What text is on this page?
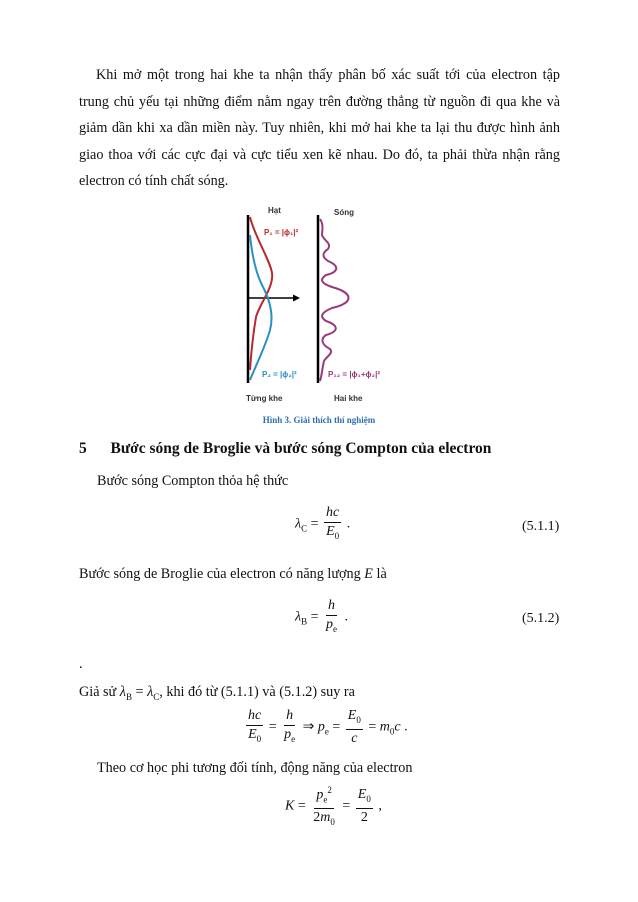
Khi mở một trong hai khe ta nhận thấy phân bố xác suất tới của electron tập trung chủ yếu tại những điểm nằm ngay trên đường thẳng từ nguồn đi qua khe và giảm dần khi xa dần miền này. Tuy nhiên, khi mở hai khe ta lại thu được hình ảnh giao thoa với các cực đại và cực tiểu xen kẽ nhau. Do đó, ta phải thừa nhận rằng electron có tính chất sóng.
Hạt	Sóng
P₁ = |ϕ₁|²
P₂ = |ϕ₂|²	P₁₂ = |ϕ₁+ϕ₂|²
Từng khe	Hai khe
Hình 3. Giải thích thí nghiệm
5 Bước sóng de Broglie và bước sóng Compton của electron
Bước sóng Compton thỏa hệ thức
$\lambda_C = \frac{hc}{E_0}$ .	(5.1.1)
Bước sóng de Broglie của electron có năng lượng E là
$\lambda_B = \frac{h}{p_e}$ .	(5.1.2)
.
Giả sử $\lambda_B = \lambda_C$, khi đó từ (5.1.1) và (5.1.2) suy ra
$\frac{hc}{E_0} = \frac{h}{p_e}$ ⇒ $p_e = \frac{E_0}{c} = m_0c$ .
Theo cơ học phi tương đối tính, động năng của electron
$K = \frac{p_e^2}{2m_0} = \frac{E_0}{2}$ ,
